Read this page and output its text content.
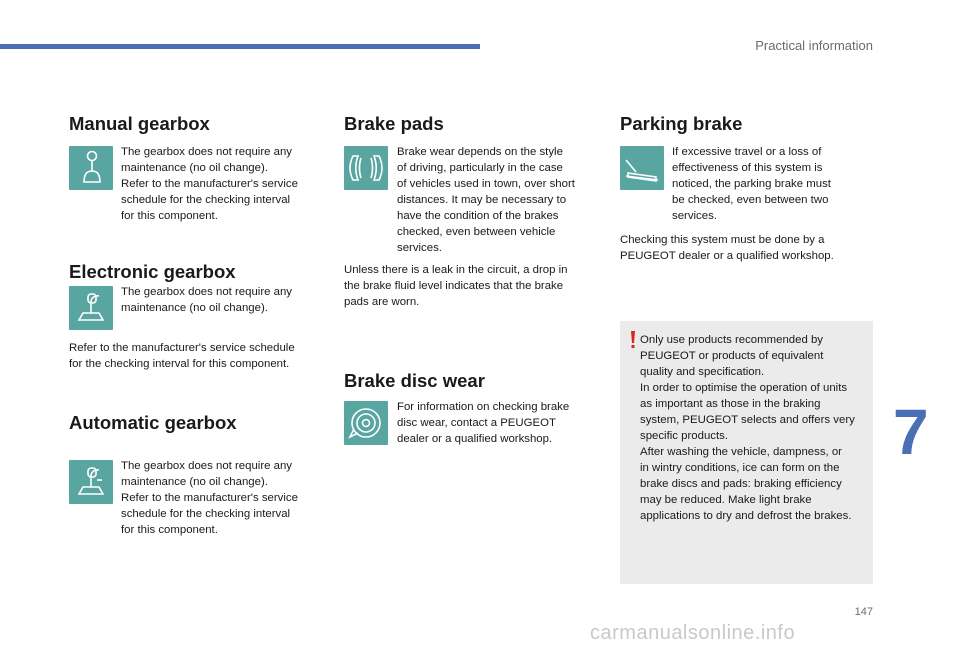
Practical information
Manual gearbox

The gearbox does not require any
maintenance (no oil change).
Refer to the manufacturer's service
schedule for the checking interval
for this component.

Electronic gearbox

The gearbox does not require any
maintenance (no oil change).

Refer to the manufacturer's service schedule
for the checking interval for this component.

Automatic gearbox

The gearbox does not require any
maintenance (no oil change).
Refer to the manufacturer's service
schedule for the checking interval
for this component.

Brake pads

Brake wear depends on the style
of driving, particularly in the case
of vehicles used in town, over short
distances. It may be necessary to
have the condition of the brakes
checked, even between vehicle
services.

Unless there is a leak in the circuit, a drop in
the brake fluid level indicates that the brake
pads are worn.

Brake disc wear

For information on checking brake
disc wear, contact a PEUGEOT
dealer or a qualified workshop.

Parking brake

If excessive travel or a loss of
effectiveness of this system is
noticed, the parking brake must
be checked, even between two
services.

Checking this system must be done by a
PEUGEOT dealer or a qualified workshop.

Only use products recommended by
PEUGEOT or products of equivalent
quality and specification.
In order to optimise the operation of units
as important as those in the braking
system, PEUGEOT selects and offers very
specific products.
After washing the vehicle, dampness, or
in wintry conditions, ice can form on the
brake discs and pads: braking efficiency
may be reduced. Make light brake
applications to dry and defrost the brakes.

7
147
carmanualsonline.info
